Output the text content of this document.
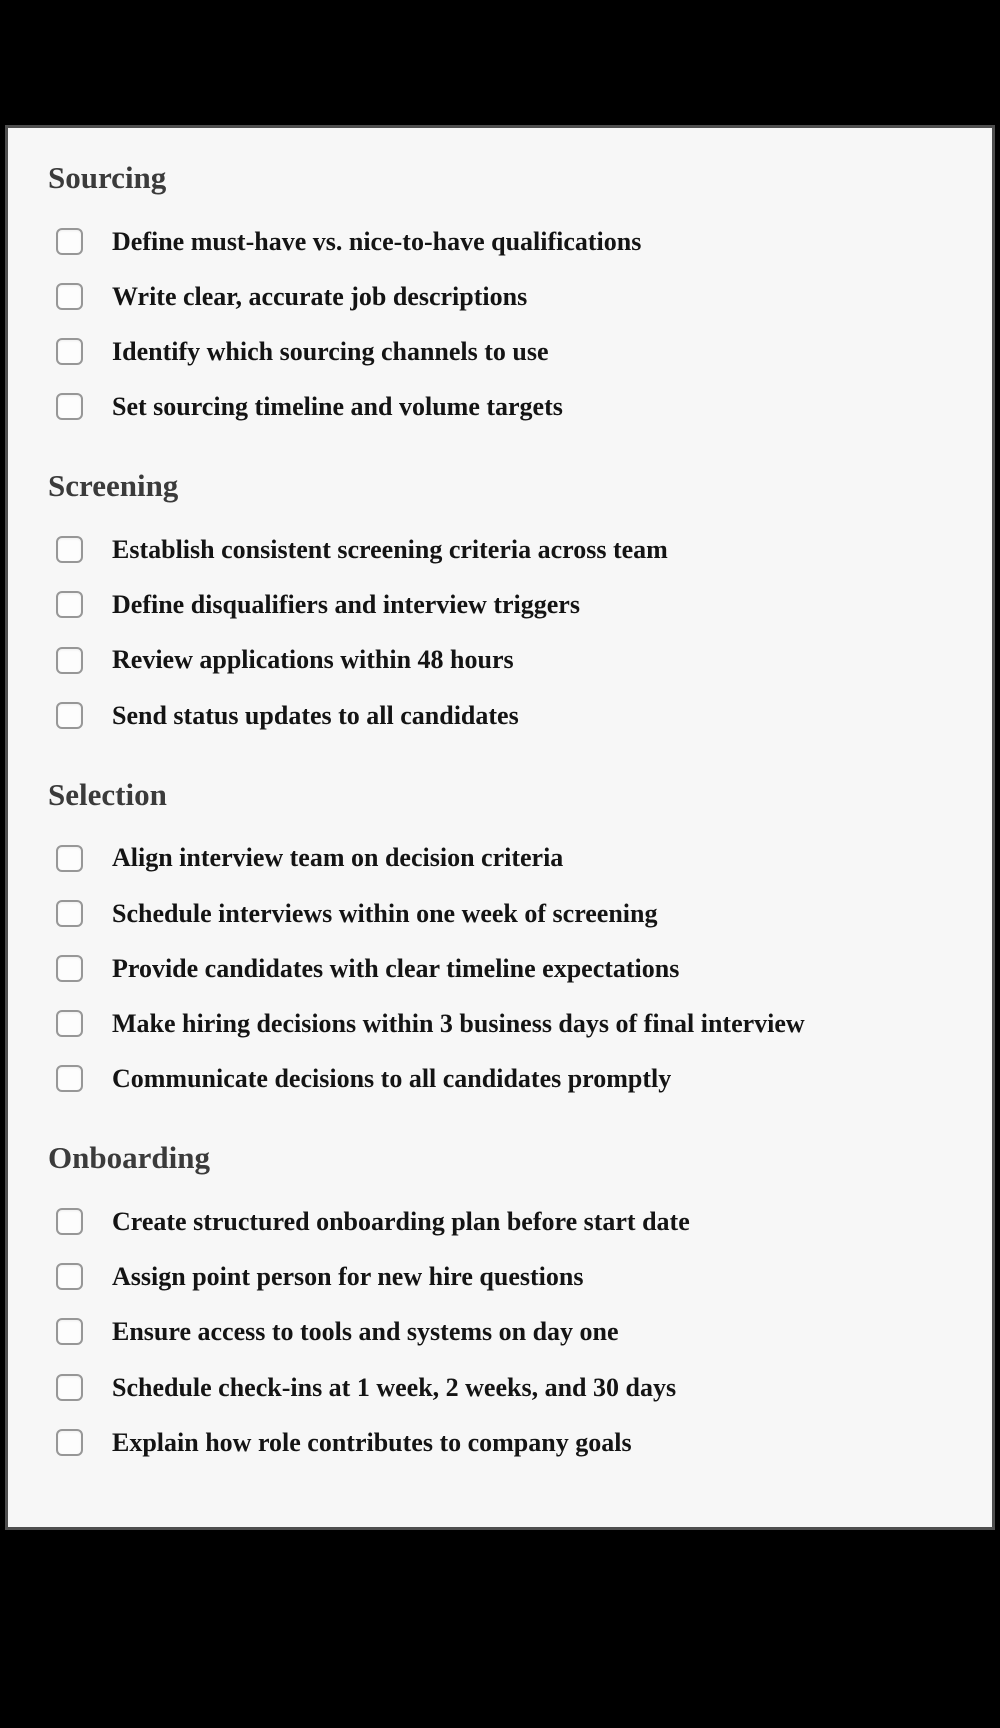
Sourcing
Define must-have vs. nice-to-have qualifications
Write clear, accurate job descriptions
Identify which sourcing channels to use
Set sourcing timeline and volume targets
Screening
Establish consistent screening criteria across team
Define disqualifiers and interview triggers
Review applications within 48 hours
Send status updates to all candidates
Selection
Align interview team on decision criteria
Schedule interviews within one week of screening
Provide candidates with clear timeline expectations
Make hiring decisions within 3 business days of final interview
Communicate decisions to all candidates promptly
Onboarding
Create structured onboarding plan before start date
Assign point person for new hire questions
Ensure access to tools and systems on day one
Schedule check-ins at 1 week, 2 weeks, and 30 days
Explain how role contributes to company goals
